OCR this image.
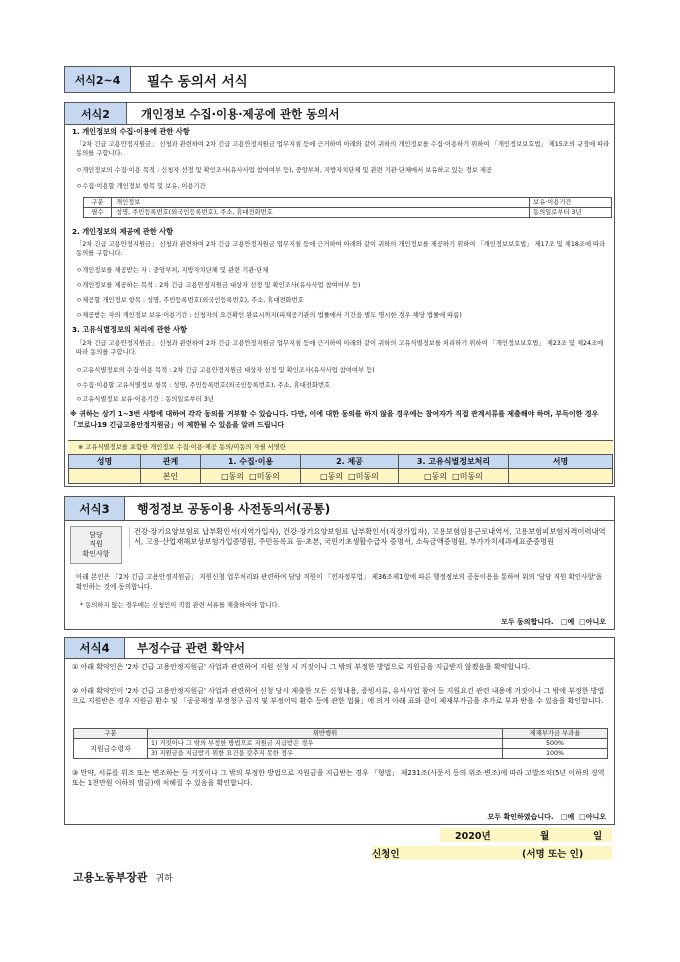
서식2~4	필수 동의서 서식
서식2	개인정보 수집·이용·제공에 관한 동의서
1. 개인정보의 수집·이용에 관한 사항
「2차 긴급 고용안정지원금」 신청과 관련하여 2차 긴급 고용안정지원금 업무지침 등에 근거하여 아래와 같이 귀하의 개인정보를 수집·이용하기 위하여 「개인정보보호법」 제15조의 규정에 따라 동의를 구합니다.
ㅇ개인정보의 수집·이용 목적 : 신청자 선정 및 확인조사(유사사업 참여여부 등), 중앙부처, 지방자치단체 및 관련 기관·단체에서 보유하고 있는 정보 제공
ㅇ수집·이용할 개인정보 항목 및 보유, 이용기간
구분	개인정보	보유·이용기간
필수	성명, 주민등록번호(외국인등록번호), 주소, 휴대전화번호	동의일로부터 3년
2. 개인정보의 제공에 관한 사항
「2차 긴급 고용안정지원금」 신청과 관련하여 2차 긴급 고용안정지원금 업무지침 등에 근거하여 아래와 같이 귀하의 개인정보를 제공하기 위하여 「개인정보보호법」 제17조 및 제18조에 따라 동의를 구합니다.
ㅇ개인정보를 제공받는 자 : 중앙부처, 지방자치단체 및 관련 기관·단체
ㅇ개인정보를 제공하는 목적 : 2차 긴급 고용안정지원금 대상자 선정 및 확인조사(유사사업 참여여부 등)
ㅇ제공할 개인정보 항목 : 성명, 주민등록번호(외국인등록번호), 주소, 휴대전화번호
ㅇ제공받는 자의 개인정보 보유·이용기간 : 신청자의 요건확인 완료시까지(피제공기관의 법률에서 기간을 별도 명시한 경우 해당 법률에 따름)
3. 고유식별정보의 처리에 관한 사항
「2차 긴급 고용안정지원금」 신청과 관련하여 2차 긴급 고용안정지원금 업무지침 등에 근거하여 아래와 같이 귀하의 고유식별정보를 처리하기 위하여 「개인정보보호법」 제23조 및 제24조에 따라 동의를 구합니다.
ㅇ고유식별정보의 수집·이용 목적 : 2차 긴급 고용안정지원금 대상자 선정 및 확인조사(유사사업 참여여부 등)
ㅇ수집·이용할 고유식별정보 항목 : 성명, 주민등록번호(외국인등록번호), 주소, 휴대전화번호
ㅇ고유식별정보 보유·이용기간 : 동의일로부터 3년
※ 귀하는 상기 1~3번 사항에 대하여 각각 동의를 거부할 수 있습니다. 다만, 이에 대한 동의를 하지 않을 경우에는 참여자가 직접 관계서류를 제출해야 하며, 부득이한 경우 「코로나19 긴급고용안정지원금」이 제한될 수 있음을 알려 드립니다
※ 고유식별정보를 포함한 개인정보 수집·이용·제공 동의/미동의 자필 서명란
성명	관계	1. 수집·이용	2. 제공	3. 고유식별정보처리	서명
	본인	□동의 □미동의	□동의 □미동의	□동의 □미동의	
서식3	행정정보 공동이용 사전동의서(공통)
담당
직원
확인사항
건강·장기요양보험료 납부확인서(지역가입자), 건강·장기요양보험료 납부확인서(직장가입자), 고용보험임용근로내역서, 고용보험피보험자격이력내역서, 고용·산업재해보상보험가입증명원, 주민등록표 등·초본, 국민기초생활수급자 증명서, 소득금액증명원, 부가가치세과세표준증명원
아래 본인은 「2차 긴급 고용안정지원금」 지원신청 업무처리와 관련하여 담당 직원이 「전자정부법」 제36조제1항에 따른 행정정보의 공동이용을 통하여 위의 '담당 직원 확인사항'을 확인하는 것에 동의합니다.
* 동의하지 않는 경우에는 신청인이 직접 관련 서류를 제출하여야 합니다.
모두 동의합니다. □예 □아니오
서식4	부정수급 관련 확약서
① 아래 확약인은 '2차 긴급 고용안정지원금' 사업과 관련하여 지원 신청 시 거짓이나 그 밖의 부정한 방법으로 지원금을 지급받지 않겠음을 확약합니다.
② 아래 확약인이 '2차 긴급 고용안정지원금' 사업과 관련하여 신청 당시 제출한 모든 신청내용, 증빙서류, 유사사업 참여 등 지원요건 관련 내용에 거짓이나 그 밖에 부정한 방법으로 지원받은 경우 지원금 환수 및 「공공재정 부정청구 금지 및 부정이익 환수 등에 관한 법률」에 의거 아래 표와 같이 제재부가금을 추가로 부과 받을 수 있음을 확인합니다.
구분	위반행위	제재부가금 부과율
지원금수령자	1) 거짓이나 그 밖의 부정한 방법으로 지원금 지급받은 경우	500%
	3) 지원금을 지급받기 위한 요건을 갖추지 못한 경우	100%
③ 만약, 서류를 위조 또는 변조하는 등 거짓이나 그 밖의 부정한 방법으로 지원금을 지급받는 경우 「형법」 제231조(사문서 등의 위조·변조)에 따라 고발조치(5년 이하의 징역 또는 1천만원 이하의 벌금)에 처해질 수 있음을 확인합니다.
모두 확인하였습니다. □예 □아니오
2020년	월	일
신청인	(서명 또는 인)
고용노동부장관 귀하
